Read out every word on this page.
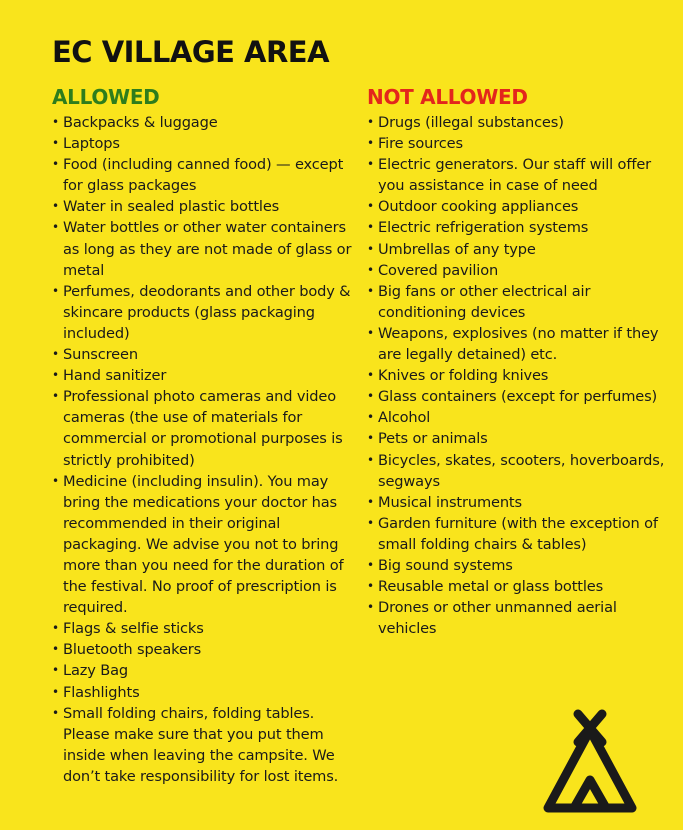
EC VILLAGE AREA
ALLOWED
• Backpacks & luggage
• Laptops
• Food (including canned food) — except for glass packages
• Water in sealed plastic bottles
• Water bottles or other water containers as long as they are not made of glass or metal
• Perfumes, deodorants and other body & skincare products (glass packaging included)
• Sunscreen
• Hand sanitizer
• Professional photo cameras and video cameras (the use of materials for commercial or promotional purposes is strictly prohibited)
• Medicine (including insulin). You may bring the medications your doctor has recommended in their original packaging. We advise you not to bring more than you need for the duration of the festival. No proof of prescription is required.
• Flags & selfie sticks
• Bluetooth speakers
• Lazy Bag
• Flashlights
• Small folding chairs, folding tables. Please make sure that you put them inside when leaving the campsite. We don’t take responsibility for lost items.
NOT ALLOWED
• Drugs (illegal substances)
• Fire sources
• Electric generators. Our staff will offer you assistance in case of need
• Outdoor cooking appliances
• Electric refrigeration systems
• Umbrellas of any type
• Covered pavilion
• Big fans or other electrical air conditioning devices
• Weapons, explosives (no matter if they are legally detained) etc.
• Knives or folding knives
• Glass containers (except for perfumes)
• Alcohol
• Pets or animals
• Bicycles, skates, scooters, hoverboards, segways
• Musical instruments
• Garden furniture (with the exception of small folding chairs & tables)
• Big sound systems
• Reusable metal or glass bottles
• Drones or other unmanned aerial vehicles
